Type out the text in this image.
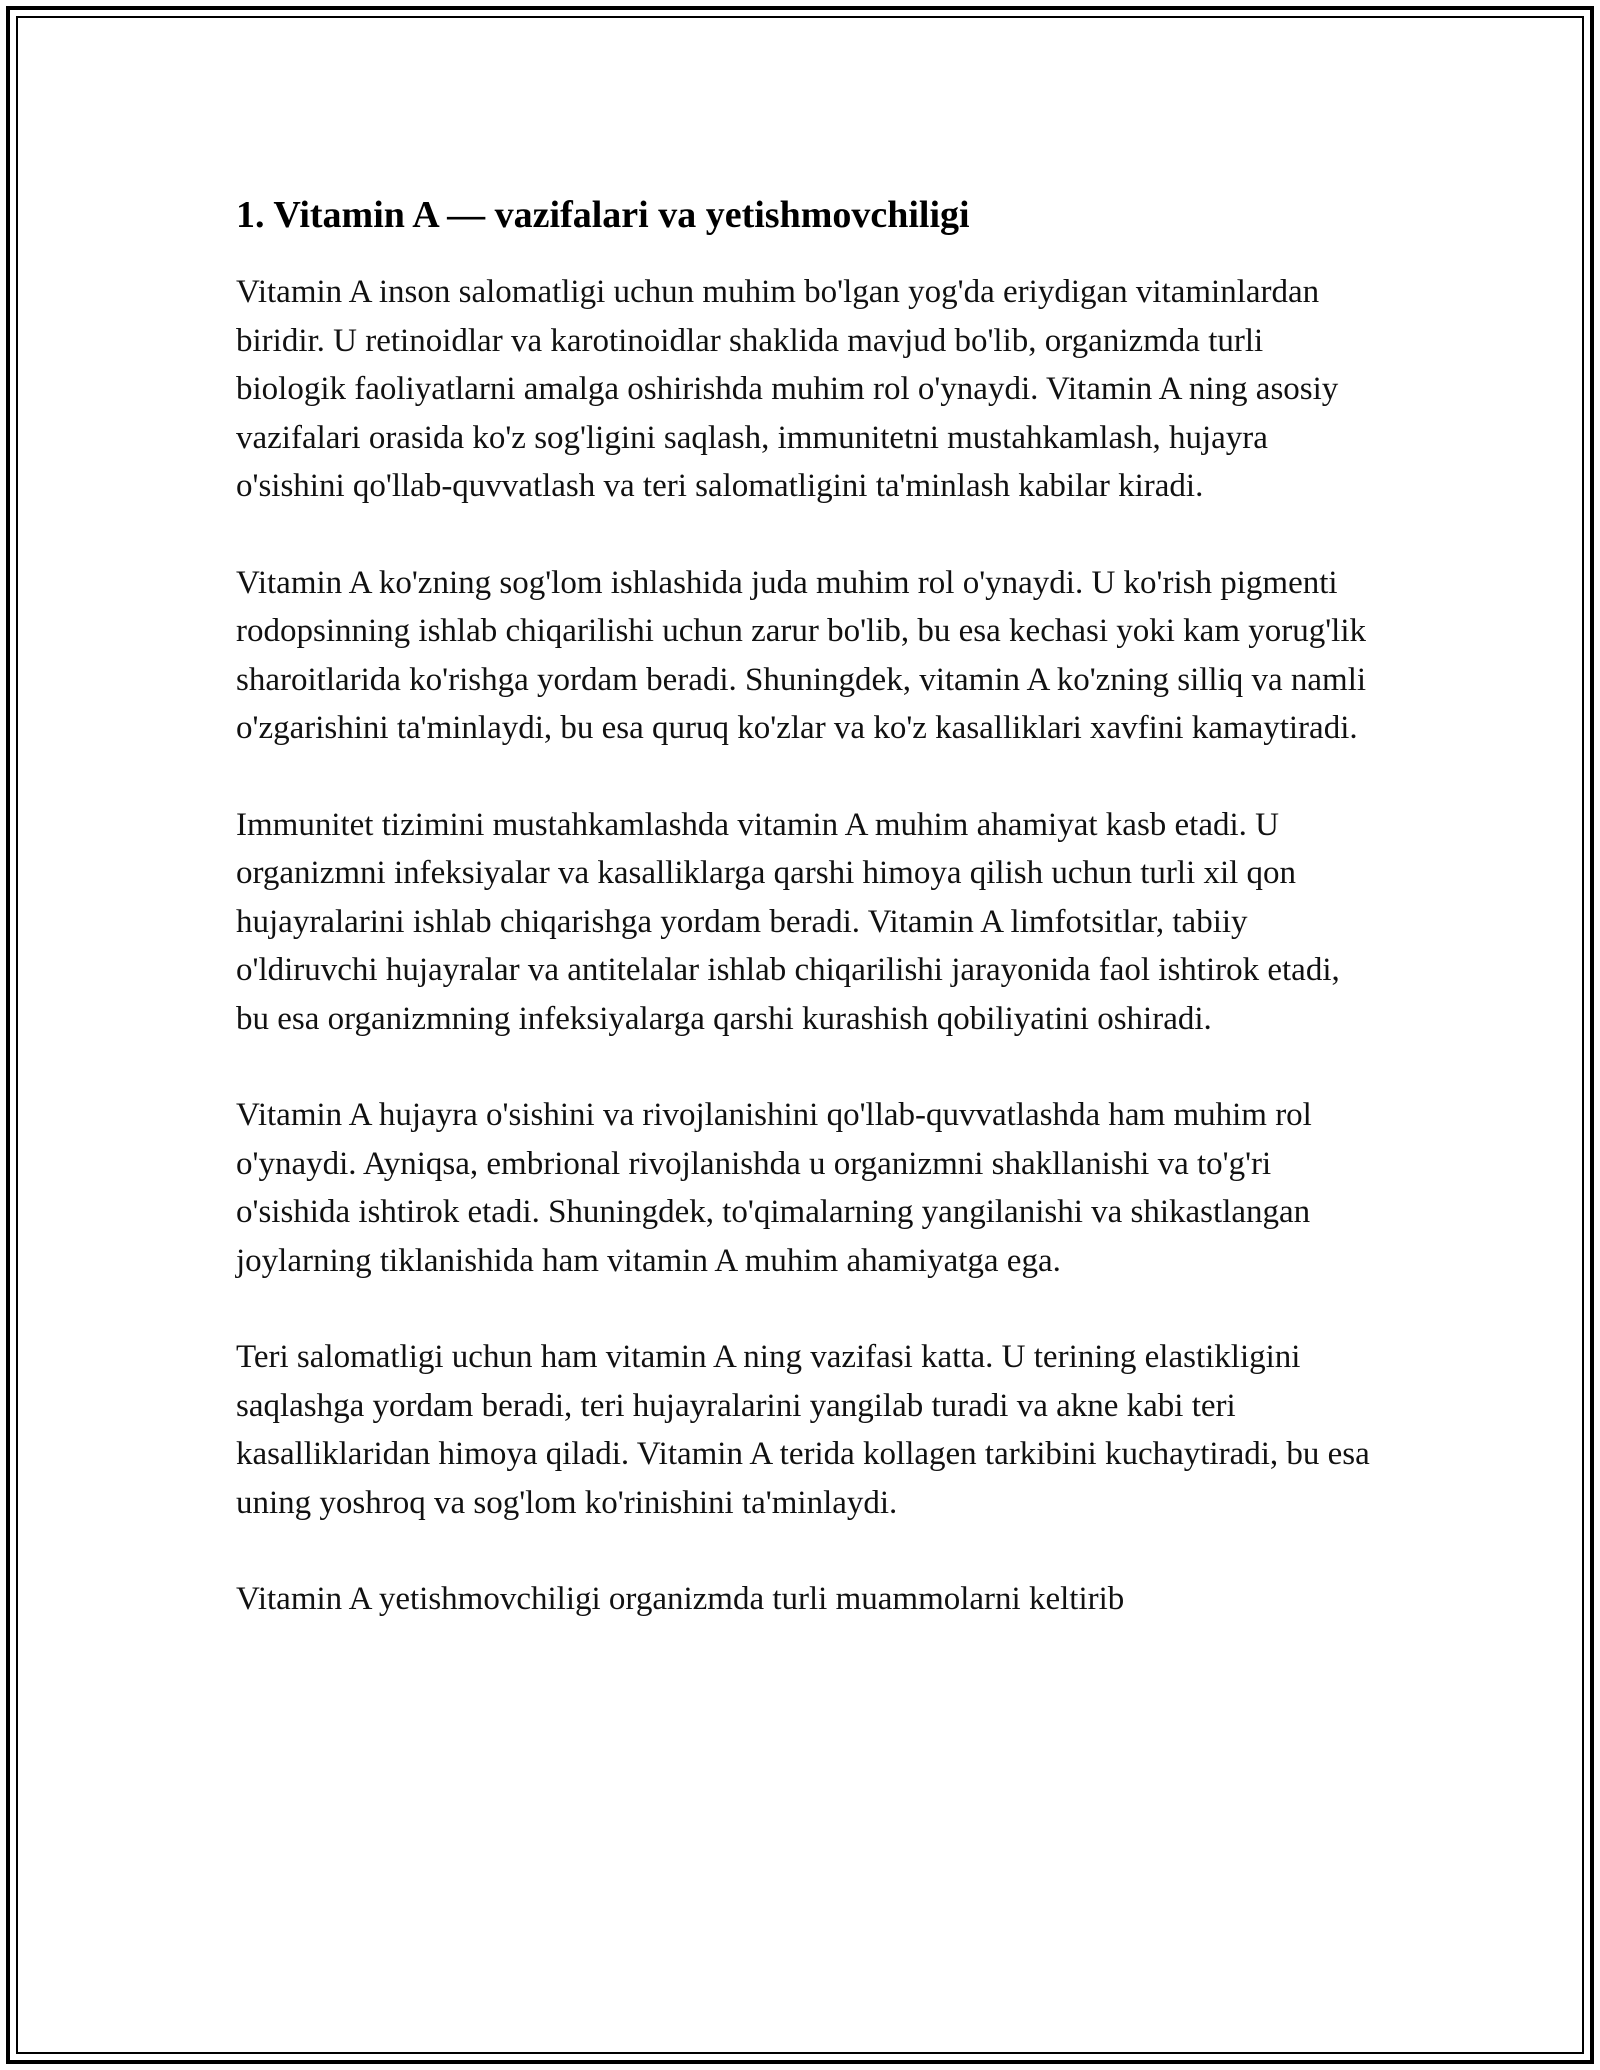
1. Vitamin A — vazifalari va yetishmovchiligi

Vitamin A inson salomatligi uchun muhim bo'lgan yog'da eriydigan vitaminlardan biridir. U retinoidlar va karotinoidlar shaklida mavjud bo'lib, organizmda turli biologik faoliyatlarni amalga oshirishda muhim rol o'ynaydi. Vitamin A ning asosiy vazifalari orasida ko'z sog'ligini saqlash, immunitetni mustahkamlash, hujayra o'sishini qo'llab-quvvatlash va teri salomatligini ta'minlash kabilar kiradi.

Vitamin A ko'zning sog'lom ishlashida juda muhim rol o'ynaydi. U ko'rish pigmenti rodopsinning ishlab chiqarilishi uchun zarur bo'lib, bu esa kechasi yoki kam yorug'lik sharoitlarida ko'rishga yordam beradi. Shuningdek, vitamin A ko'zning silliq va namli o'zgarishini ta'minlaydi, bu esa quruq ko'zlar va ko'z kasalliklari xavfini kamaytiradi.

Immunitet tizimini mustahkamlashda vitamin A muhim ahamiyat kasb etadi. U organizmni infeksiyalar va kasalliklarga qarshi himoya qilish uchun turli xil qon hujayralarini ishlab chiqarishga yordam beradi. Vitamin A limfotsitlar, tabiiy o'ldiruvchi hujayralar va antitelalar ishlab chiqarilishi jarayonida faol ishtirok etadi, bu esa organizmning infeksiyalarga qarshi kurashish qobiliyatini oshiradi.

Vitamin A hujayra o'sishini va rivojlanishini qo'llab-quvvatlashda ham muhim rol o'ynaydi. Ayniqsa, embrional rivojlanishda u organizmni shakllanishi va to'g'ri o'sishida ishtirok etadi. Shuningdek, to'qimalarning yangilanishi va shikastlangan joylarning tiklanishida ham vitamin A muhim ahamiyatga ega.

Teri salomatligi uchun ham vitamin A ning vazifasi katta. U terining elastikligini saqlashga yordam beradi, teri hujayralarini yangilab turadi va akne kabi teri kasalliklaridan himoya qiladi. Vitamin A terida kollagen tarkibini kuchaytiradi, bu esa uning yoshroq va sog'lom ko'rinishini ta'minlaydi.

Vitamin A yetishmovchiligi organizmda turli muammolarni keltirib
